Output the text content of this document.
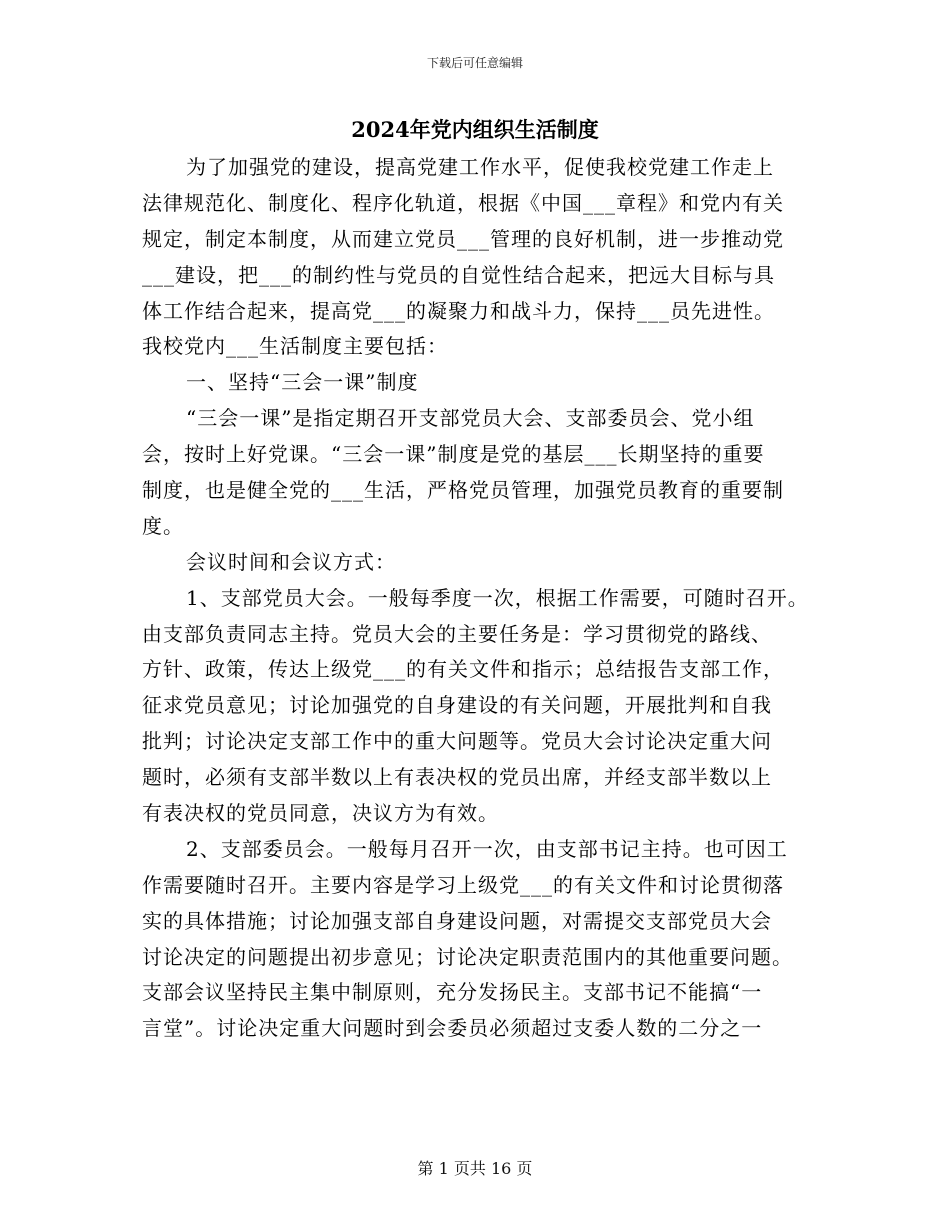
下载后可任意编辑
2024年党内组织生活制度
为了加强党的建设，提高党建工作水平，促使我校党建工作走上
法律规范化、制度化、程序化轨道，根据《中国___章程》和党内有关
规定，制定本制度，从而建立党员___管理的良好机制，进一步推动党
___建设，把___的制约性与党员的自觉性结合起来，把远大目标与具
体工作结合起来，提高党___的凝聚力和战斗力，保持___员先进性。
我校党内___生活制度主要包括：
一、坚持“三会一课”制度
“三会一课”是指定期召开支部党员大会、支部委员会、党小组
会，按时上好党课。“三会一课”制度是党的基层___长期坚持的重要
制度，也是健全党的___生活，严格党员管理，加强党员教育的重要制
度。
会议时间和会议方式：
1、支部党员大会。一般每季度一次，根据工作需要，可随时召开。
由支部负责同志主持。党员大会的主要任务是：学习贯彻党的路线、
方针、政策，传达上级党___的有关文件和指示；总结报告支部工作，
征求党员意见；讨论加强党的自身建设的有关问题，开展批判和自我
批判；讨论决定支部工作中的重大问题等。党员大会讨论决定重大问
题时，必须有支部半数以上有表决权的党员出席，并经支部半数以上
有表决权的党员同意，决议方为有效。
2、支部委员会。一般每月召开一次，由支部书记主持。也可因工
作需要随时召开。主要内容是学习上级党___的有关文件和讨论贯彻落
实的具体措施；讨论加强支部自身建设问题，对需提交支部党员大会
讨论决定的问题提出初步意见；讨论决定职责范围内的其他重要问题。
支部会议坚持民主集中制原则，充分发扬民主。支部书记不能搞“一
言堂”。讨论决定重大问题时到会委员必须超过支委人数的二分之一
第 1 页共 16 页
